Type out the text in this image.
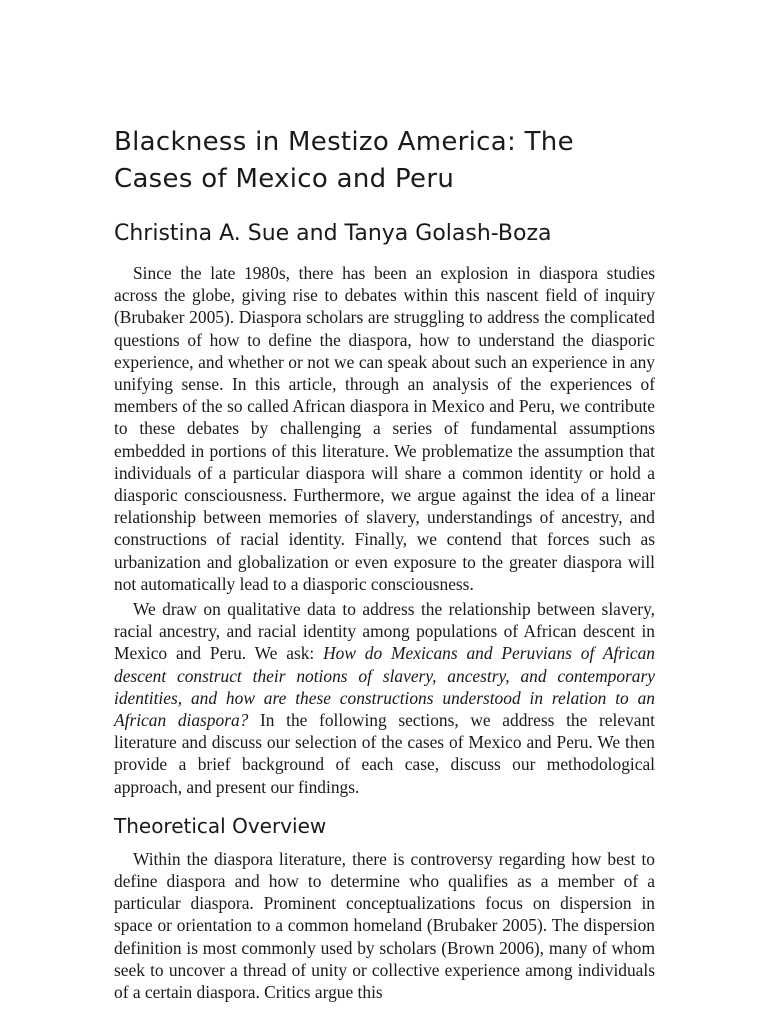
Blackness in Mestizo America: The
Cases of Mexico and Peru
Christina A. Sue and Tanya Golash-Boza

Since the late 1980s, there has been an explosion in diaspora studies across the globe, giving rise to debates within this nascent field of inquiry (Brubaker 2005). Diaspora scholars are struggling to address the complicated questions of how to define the diaspora, how to understand the diasporic experience, and whether or not we can speak about such an experience in any unifying sense. In this article, through an analysis of the experiences of members of the so called African diaspora in Mexico and Peru, we contribute to these debates by challenging a series of fundamental assumptions embedded in portions of this literature. We problematize the assumption that individuals of a particular diaspora will share a common identity or hold a diasporic consciousness. Furthermore, we argue against the idea of a linear relationship between memories of slavery, understandings of ancestry, and constructions of racial identity. Finally, we contend that forces such as urbanization and globalization or even exposure to the greater diaspora will not automatically lead to a diasporic consciousness.

We draw on qualitative data to address the relationship between slavery, racial ancestry, and racial identity among populations of African descent in Mexico and Peru. We ask: How do Mexicans and Peruvians of African descent construct their notions of slavery, ancestry, and contemporary identities, and how are these constructions understood in relation to an African diaspora? In the following sections, we address the relevant literature and discuss our selection of the cases of Mexico and Peru. We then provide a brief background of each case, discuss our methodological approach, and present our findings.

Theoretical Overview

Within the diaspora literature, there is controversy regarding how best to define diaspora and how to determine who qualifies as a member of a particular diaspora. Prominent conceptualizations focus on dispersion in space or orientation to a common homeland (Brubaker 2005). The dispersion definition is most commonly used by scholars (Brown 2006), many of whom seek to uncover a thread of unity or collective experience among individuals of a certain diaspora. Critics argue this
